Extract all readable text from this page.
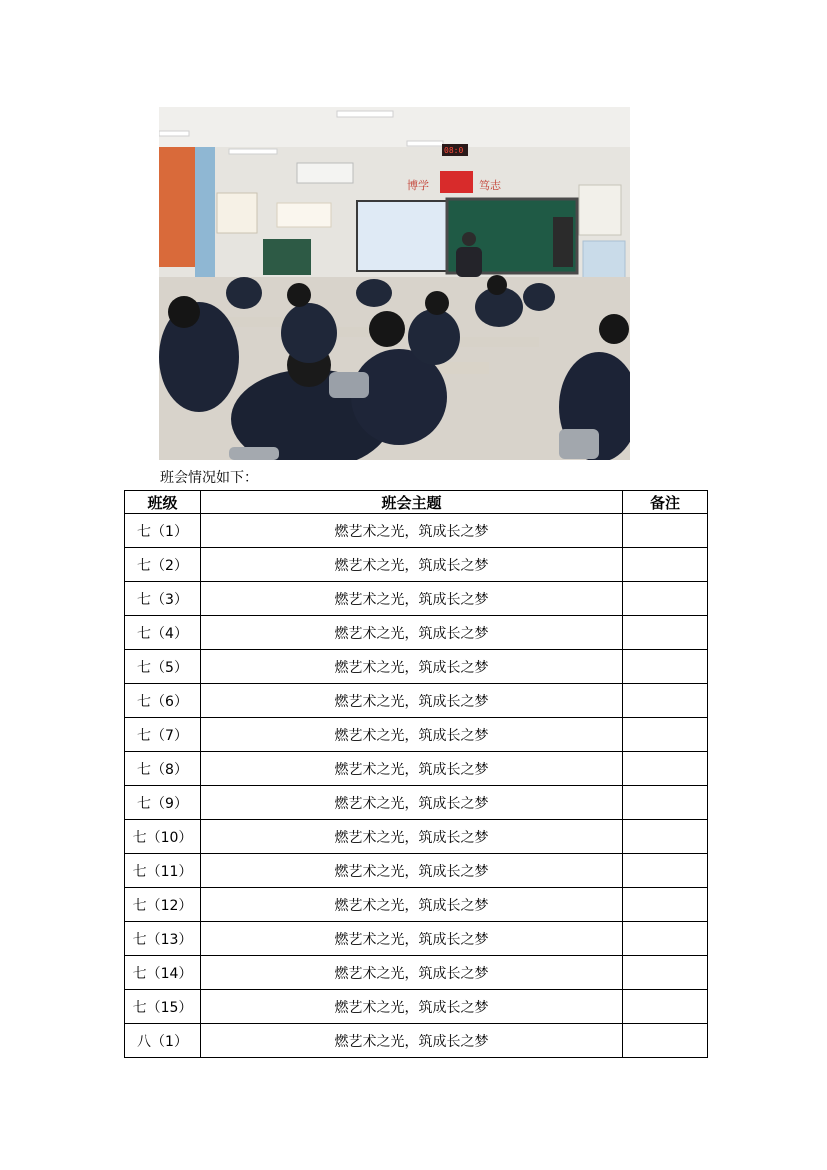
08:0
博学	笃志
班会情况如下：
班级	班会主题	备注
七（1）	燃艺术之光，筑成长之梦	
七（2）	燃艺术之光，筑成长之梦	
七（3）	燃艺术之光，筑成长之梦	
七（4）	燃艺术之光，筑成长之梦	
七（5）	燃艺术之光，筑成长之梦	
七（6）	燃艺术之光，筑成长之梦	
七（7）	燃艺术之光，筑成长之梦	
七（8）	燃艺术之光，筑成长之梦	
七（9）	燃艺术之光，筑成长之梦	
七（10）	燃艺术之光，筑成长之梦	
七（11）	燃艺术之光，筑成长之梦	
七（12）	燃艺术之光，筑成长之梦	
七（13）	燃艺术之光，筑成长之梦	
七（14）	燃艺术之光，筑成长之梦	
七（15）	燃艺术之光，筑成长之梦	
八（1）	燃艺术之光，筑成长之梦	
